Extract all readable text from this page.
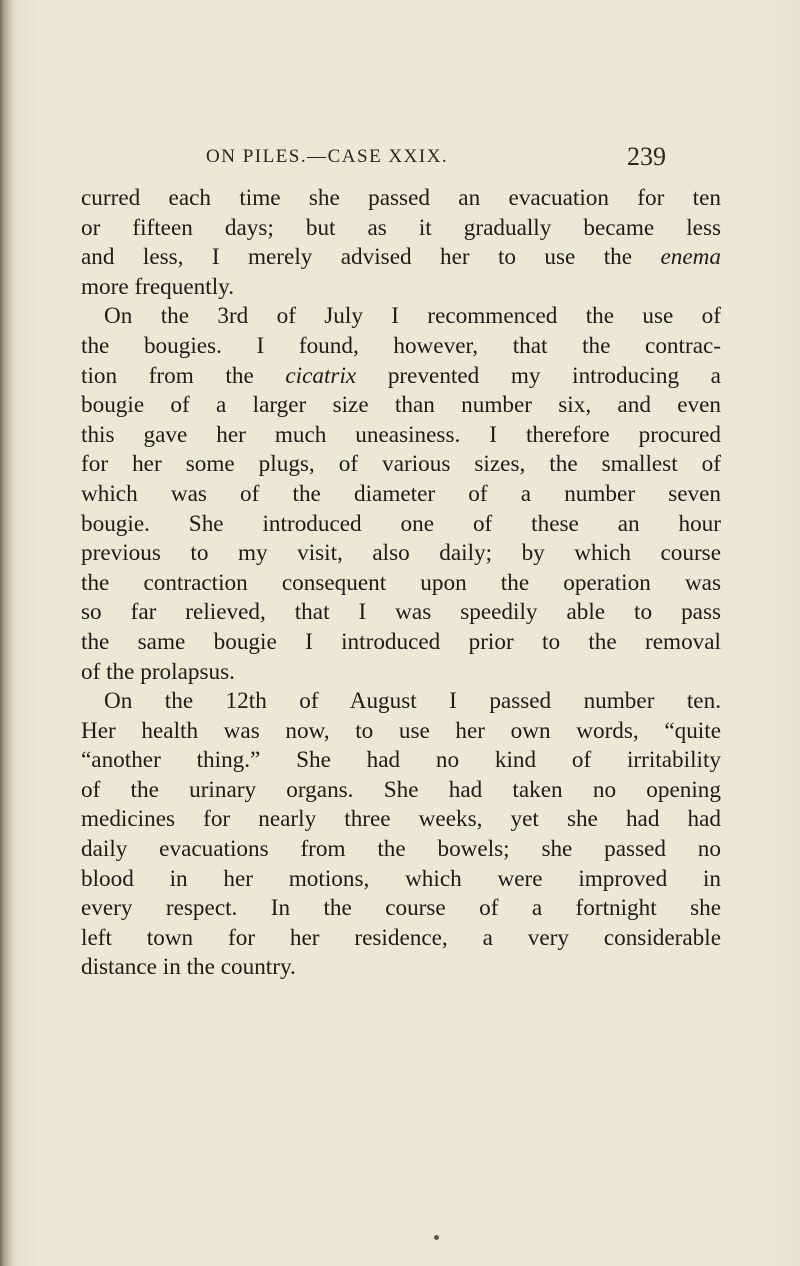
ON PILES.—CASE XXIX.	239
curred each time she passed an evacuation for ten
or fifteen days; but as it gradually became less
and less, I merely advised her to use the enema
more frequently.
On the 3rd of July I recommenced the use of
the bougies. I found, however, that the contrac-
tion from the cicatrix prevented my introducing a
bougie of a larger size than number six, and even
this gave her much uneasiness. I therefore procured
for her some plugs, of various sizes, the smallest of
which was of the diameter of a number seven
bougie. She introduced one of these an hour
previous to my visit, also daily; by which course
the contraction consequent upon the operation was
so far relieved, that I was speedily able to pass
the same bougie I introduced prior to the removal
of the prolapsus.
On the 12th of August I passed number ten.
Her health was now, to use her own words, “quite
“another thing.” She had no kind of irritability
of the urinary organs. She had taken no opening
medicines for nearly three weeks, yet she had had
daily evacuations from the bowels; she passed no
blood in her motions, which were improved in
every respect. In the course of a fortnight she
left town for her residence, a very considerable
distance in the country.
